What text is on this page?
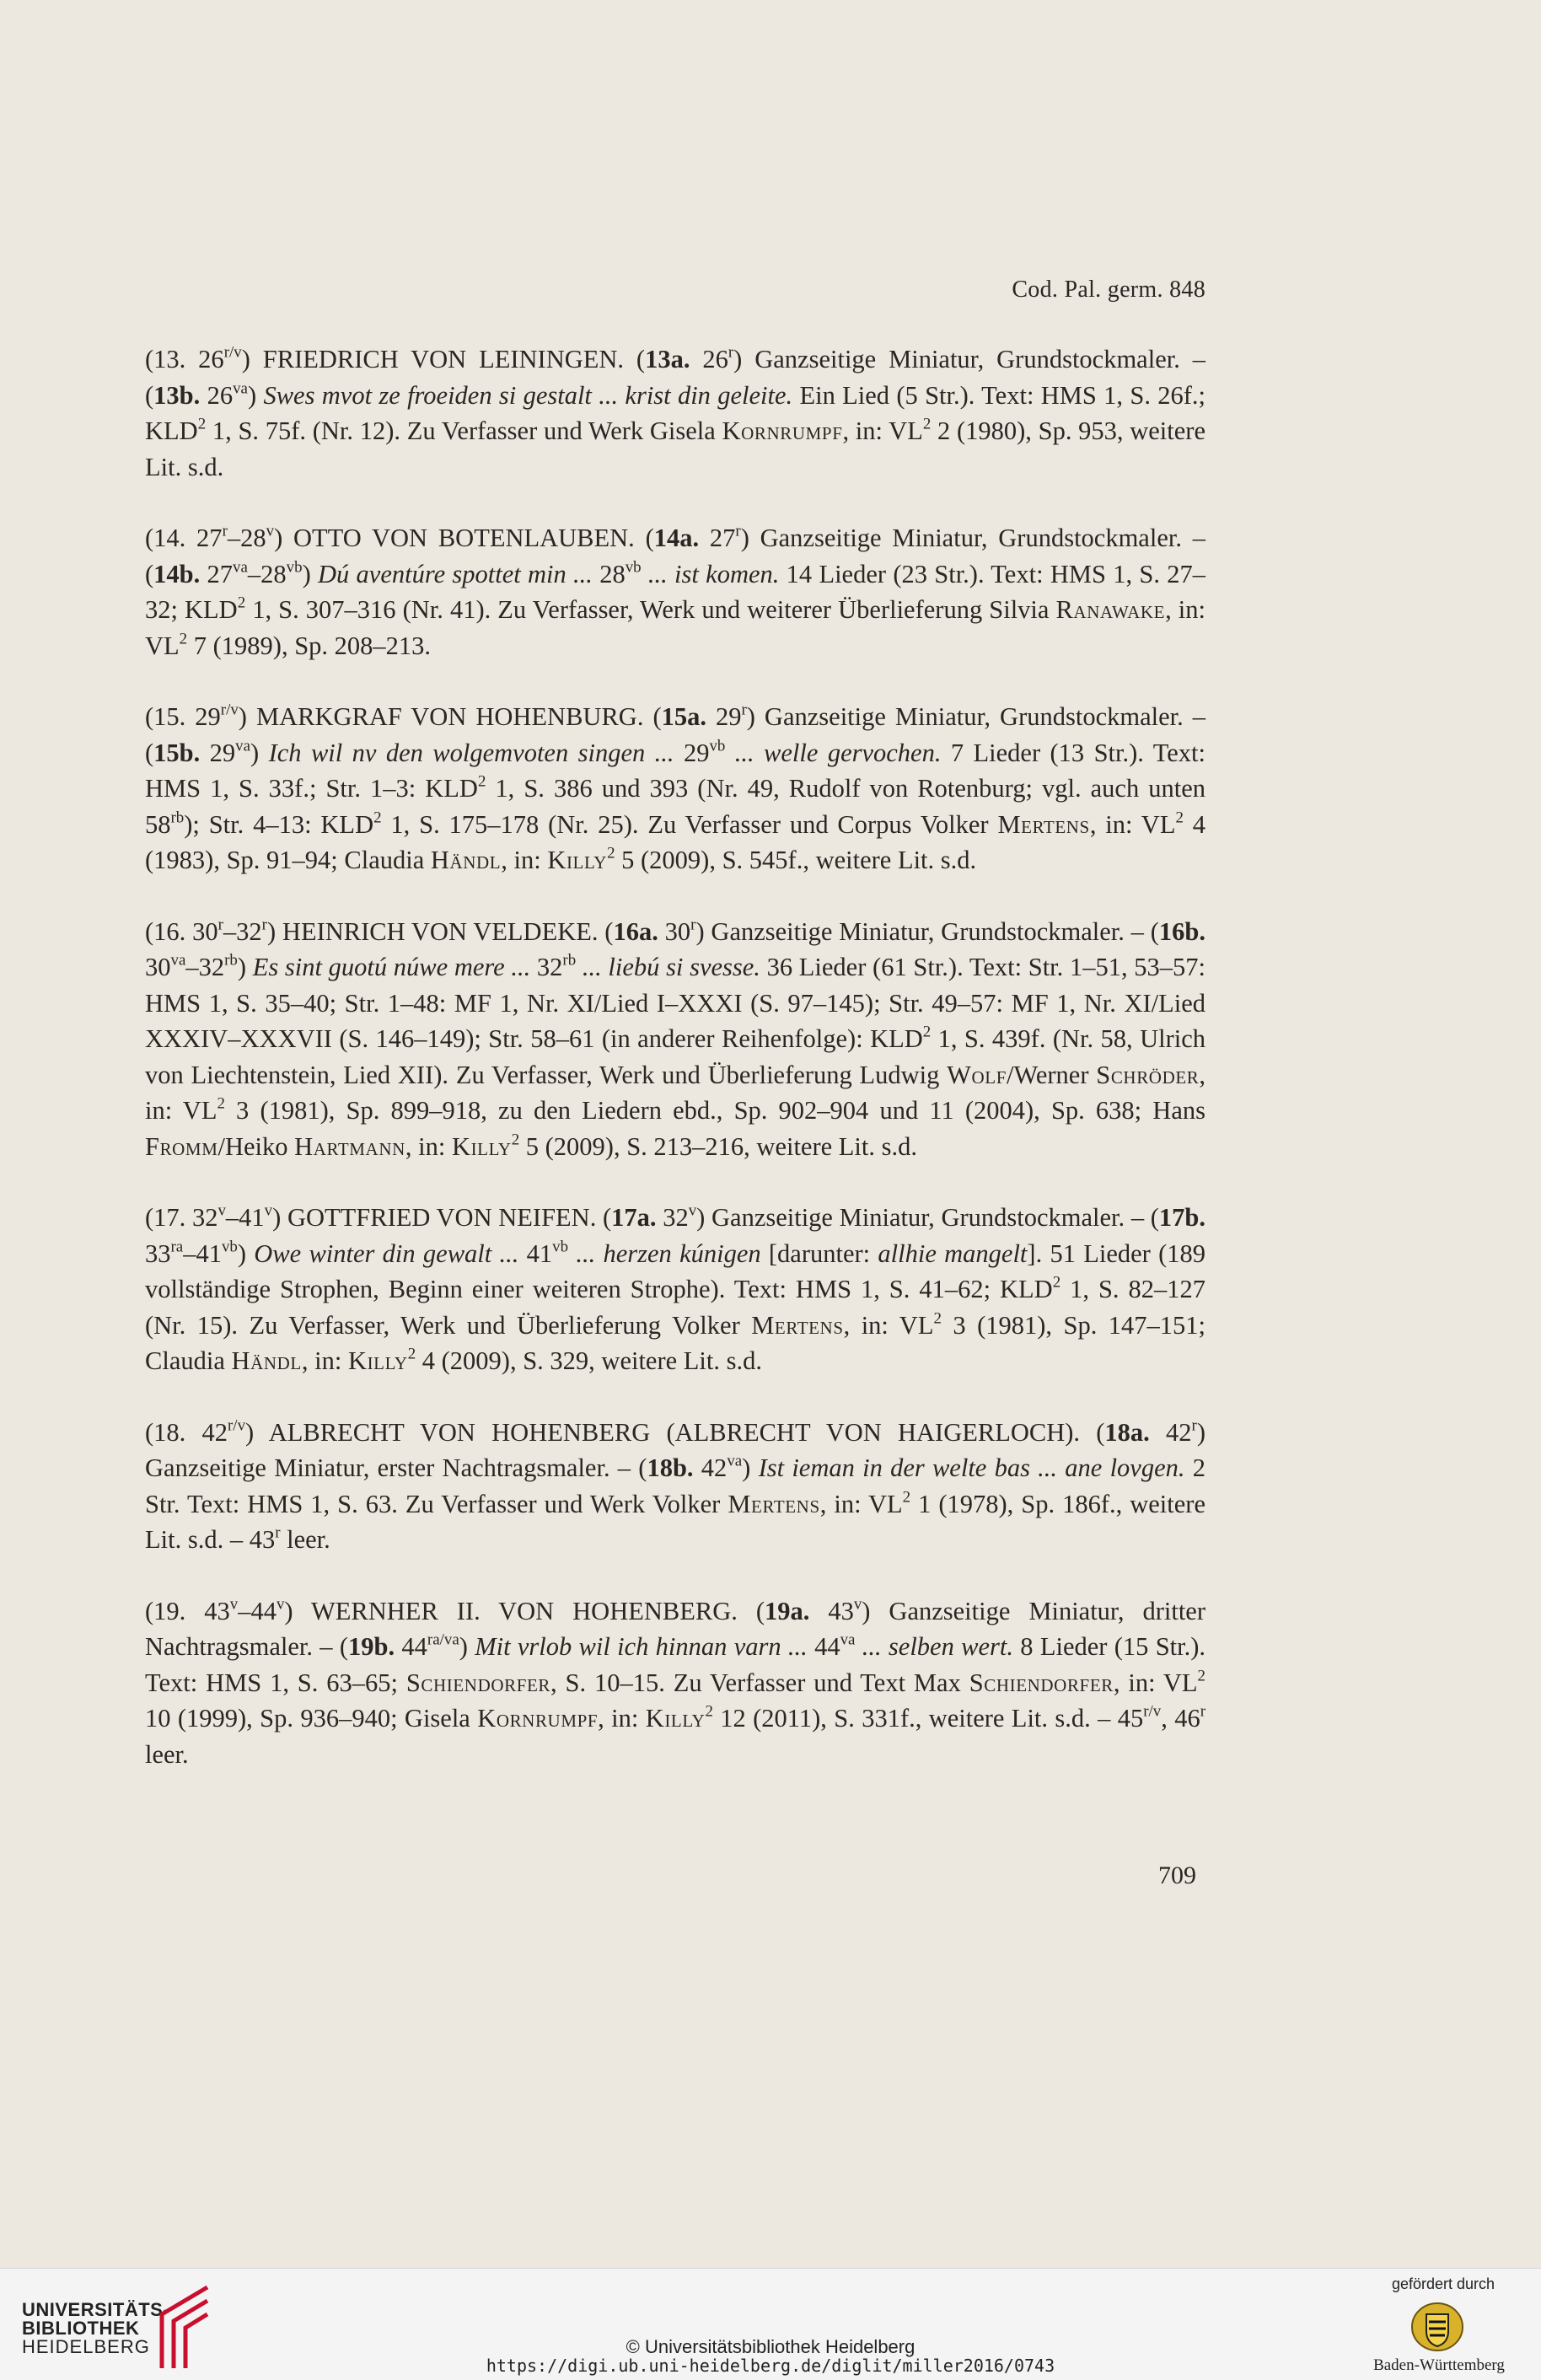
Cod. Pal. germ. 848

(13. $26^{r/v}$) FRIEDRICH VON LEININGEN. (13a. 26$^r$) Ganzseitige Miniatur, Grundstockmaler. – (13b. $26^{va}$) Swes mvot ze froeiden si gestalt ... krist din geleite. Ein Lied (5 Str.). Text: HMS 1, S. 26f.; KLD$^2$ 1, S. 75f. (Nr. 12). Zu Verfasser und Werk Gisela Kornrumpf, in: $VL^2$ 2 (1980), Sp. 953, weitere Lit. s.d.

(14. 27$^r$–28$^v$) OTTO VON BOTENLAUBEN. (14a. 27$^r$) Ganzseitige Miniatur, Grundstockmaler. – (14b. $27^{va}-28^{vb}$) Dú aventúre spottet min ... $28^{vb}$ ... ist komen. 14 Lieder (23 Str.). Text: HMS 1, S. 27–32; KLD$^2$ 1, S. 307–316 (Nr. 41). Zu Verfasser, Werk und weiterer Überlieferung Silvia Ranawake, in: $VL^2$ 7 (1989), Sp. 208–213.

(15. $29^{r/v}$) MARKGRAF VON HOHENBURG. (15a. 29$^r$) Ganzseitige Miniatur, Grundstockmaler. – (15b. $29^{va}$) Ich wil nv den wolgemvoten singen ... $29^{vb}$ ... welle gervochen. 7 Lieder (13 Str.). Text: HMS 1, S. 33f.; Str. 1–3: KLD$^2$ 1, S. 386 und 393 (Nr. 49, Rudolf von Rotenburg; vgl. auch unten $58^{rb}$); Str. 4–13: KLD$^2$ 1, S. 175–178 (Nr. 25). Zu Verfasser und Corpus Volker Mertens, in: $VL^2$ 4 (1983), Sp. 91–94; Claudia Händl, in: Killy$^2$ 5 (2009), S. 545f., weitere Lit. s.d.

(16. 30$^r$–32$^r$) HEINRICH VON VELDEKE. (16a. 30$^r$) Ganzseitige Miniatur, Grundstockmaler. – (16b. $30^{va}-32^{rb}$) Es sint guotú núwe mere ... $32^{rb}$ ... liebú si svesse. 36 Lieder (61 Str.). Text: Str. 1–51, 53–57: HMS 1, S. 35–40; Str. 1–48: MF 1, Nr. XI/Lied I–XXXI (S. 97–145); Str. 49–57: MF 1, Nr. XI/Lied XXXIV–XXXVII (S. 146–149); Str. 58–61 (in anderer Reihenfolge): KLD$^2$ 1, S. 439f. (Nr. 58, Ulrich von Liechtenstein, Lied XII). Zu Verfasser, Werk und Überlieferung Ludwig Wolf/Werner Schröder, in: $VL^2$ 3 (1981), Sp. 899–918, zu den Liedern ebd., Sp. 902–904 und 11 (2004), Sp. 638; Hans Fromm/Heiko Hartmann, in: Killy$^2$ 5 (2009), S. 213–216, weitere Lit. s.d.

(17. 32$^v$–41$^v$) GOTTFRIED VON NEIFEN. (17a. 32$^v$) Ganzseitige Miniatur, Grundstockmaler. – (17b. $33^{ra}-41^{vb}$) Owe winter din gewalt ... $41^{vb}$ ... herzen kúnigen [darunter: allhie mangelt]. 51 Lieder (189 vollständige Strophen, Beginn einer weiteren Strophe). Text: HMS 1, S. 41–62; KLD$^2$ 1, S. 82–127 (Nr. 15). Zu Verfasser, Werk und Überlieferung Volker Mertens, in: $VL^2$ 3 (1981), Sp. 147–151; Claudia Händl, in: Killy$^2$ 4 (2009), S. 329, weitere Lit. s.d.

(18. $42^{r/v}$) ALBRECHT VON HOHENBERG (ALBRECHT VON HAIGERLOCH). (18a. 42$^r$) Ganzseitige Miniatur, erster Nachtragsmaler. – (18b. $42^{va}$) Ist ieman in der welte bas ... ane lovgen. 2 Str. Text: HMS 1, S. 63. Zu Verfasser und Werk Volker Mertens, in: $VL^2$ 1 (1978), Sp. 186f., weitere Lit. s.d. – 43$^r$ leer.

(19. 43$^v$–44$^v$) WERNHER II. VON HOHENBERG. (19a. 43$^v$) Ganzseitige Miniatur, dritter Nachtragsmaler. – (19b. $44^{ra/va}$) Mit vrlob wil ich hinnan varn ... $44^{va}$ ... selben wert. 8 Lieder (15 Str.). Text: HMS 1, S. 63–65; Schiendorfer, S. 10–15. Zu Verfasser und Text Max Schiendorfer, in: $VL^2$ 10 (1999), Sp. 936–940; Gisela Kornrumpf, in: Killy$^2$ 12 (2011), S. 331f., weitere Lit. s.d. – $45^{r/v}$, 46$^r$ leer.

709
UNIVERSITÄTS-
BIBLIOTHEK
HEIDELBERG	© Universitätsbibliothek Heidelberg
https://digi.ub.uni-heidelberg.de/diglit/miller2016/0743
gefördert durch
Baden-Württemberg
